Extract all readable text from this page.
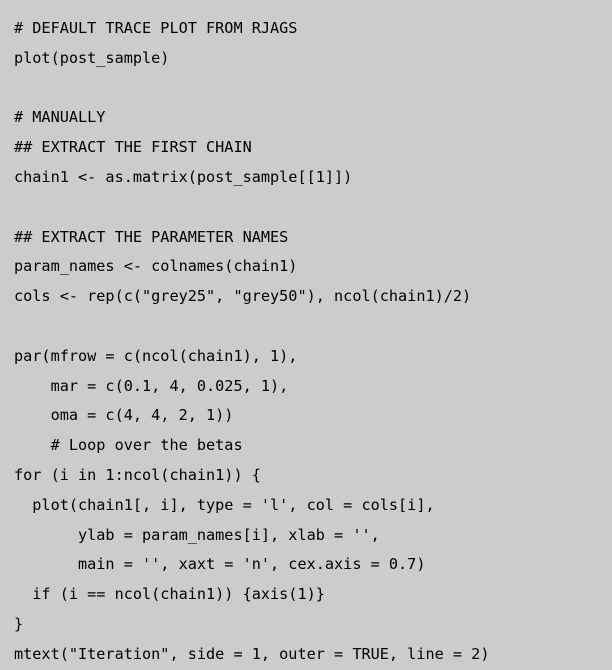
# DEFAULT TRACE PLOT FROM RJAGS
plot(post_sample)

# MANUALLY
## EXTRACT THE FIRST CHAIN
chain1 <- as.matrix(post_sample[[1]])

## EXTRACT THE PARAMETER NAMES
param_names <- colnames(chain1)
cols <- rep(c("grey25", "grey50"), ncol(chain1)/2)

par(mfrow = c(ncol(chain1), 1),
mar = c(0.1, 4, 0.025, 1),
oma = c(4, 4, 2, 1))
# Loop over the betas
for (i in 1:ncol(chain1)) {
plot(chain1[, i], type = 'l', col = cols[i],
ylab = param_names[i], xlab = '',
main = '', xaxt = 'n', cex.axis = 0.7)
if (i == ncol(chain1)) {axis(1)}
}
mtext("Iteration", side = 1, outer = TRUE, line = 2)
